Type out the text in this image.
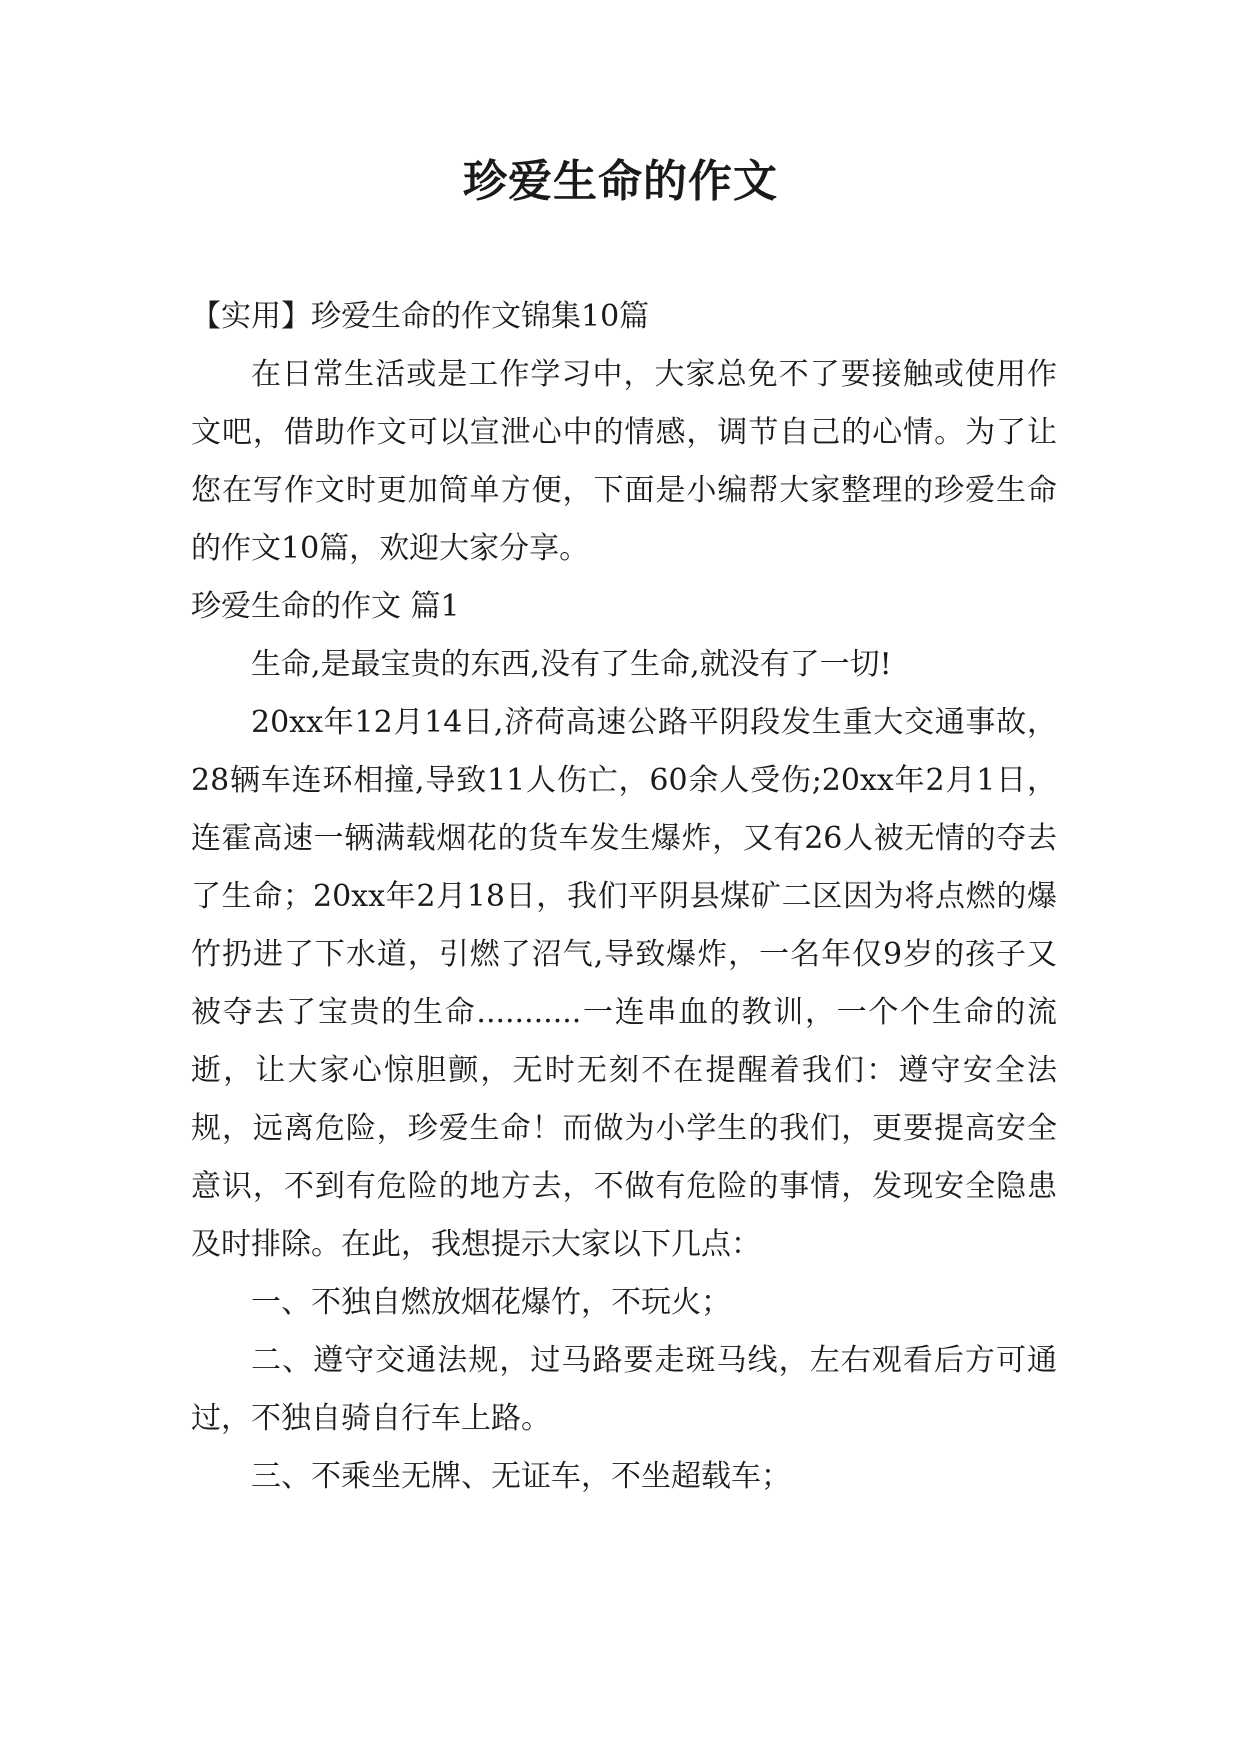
珍爱生命的作文

【实用】珍爱生命的作文锦集10篇

在日常生活或是工作学习中，大家总免不了要接触或使用作文吧，借助作文可以宣泄心中的情感，调节自己的心情。为了让您在写作文时更加简单方便，下面是小编帮大家整理的珍爱生命的作文10篇，欢迎大家分享。

珍爱生命的作文 篇1

生命,是最宝贵的东西,没有了生命,就没有了一切!

20xx年12月14日,济荷高速公路平阴段发生重大交通事故，28辆车连环相撞,导致11人伤亡，60余人受伤;20xx年2月1日，连霍高速一辆满载烟花的货车发生爆炸，又有26人被无情的夺去了生命；20xx年2月18日，我们平阴县煤矿二区因为将点燃的爆竹扔进了下水道，引燃了沼气,导致爆炸，一名年仅9岁的孩子又被夺去了宝贵的生命...........一连串血的教训，一个个生命的流逝，让大家心惊胆颤，无时无刻不在提醒着我们：遵守安全法规，远离危险，珍爱生命！而做为小学生的我们，更要提高安全意识，不到有危险的地方去，不做有危险的事情，发现安全隐患及时排除。在此，我想提示大家以下几点：

一、不独自燃放烟花爆竹，不玩火；

二、遵守交通法规，过马路要走斑马线，左右观看后方可通过，不独自骑自行车上路。

三、不乘坐无牌、无证车，不坐超载车；
